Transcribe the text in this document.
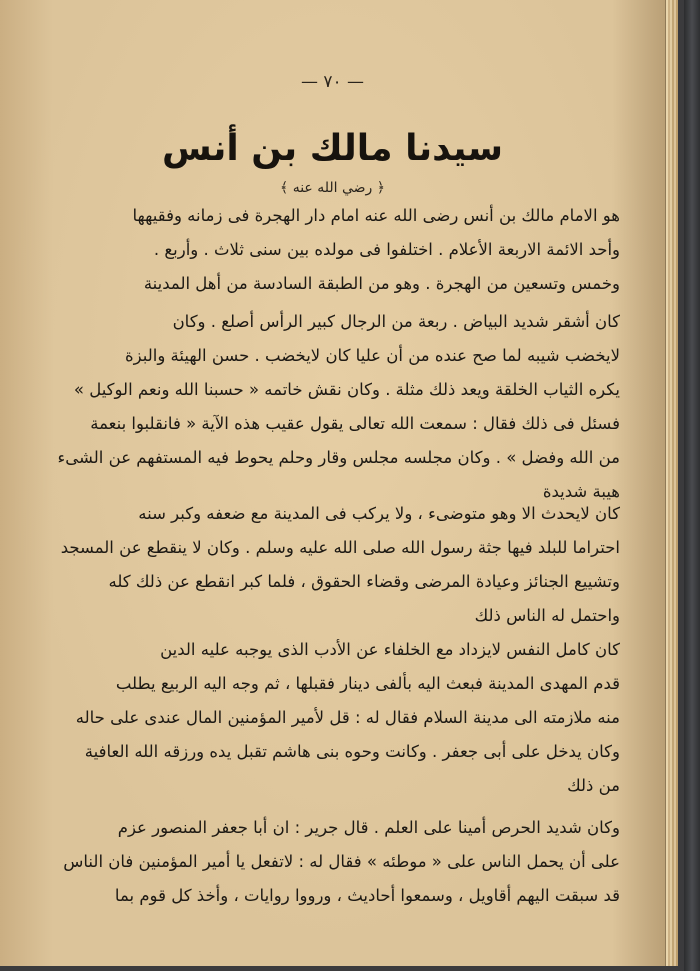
— ٧٠ —
سيدنا مالك بن أنس
﴿ رضي الله عنه ﴾
هو الامام مالك بن أنس رضى الله عنه امام دار الهجرة فى زمانه وفقيهها
وأحد الائمة الاربعة الأعلام . اختلفوا فى مولده بين سنى ثلاث . وأربع .
وخمس وتسعين من الهجرة . وهو من الطبقة السادسة من أهل المدينة
كان أشقر شديد البياض . ربعة من الرجال كبير الرأس أصلع . وكان
لايخضب شيبه لما صح عنده من أن عليا كان لايخضب . حسن الهيئة والبزة
يكره الثياب الخلقة ويعد ذلك مثلة . وكان نقش خاتمه « حسبنا الله ونعم الوكيل »
فسئل فى ذلك فقال : سمعت الله تعالى يقول عقيب هذه الآية « فانقلبوا بنعمة
من الله وفضل » . وكان مجلسه مجلس وقار وحلم يحوط فيه المستفهم عن الشىء
هيبة شديدة
كان لايحدث الا وهو متوضىء ، ولا يركب فى المدينة مع ضعفه وكبر سنه
احتراما للبلد فيها جثة رسول الله صلى الله عليه وسلم . وكان لا ينقطع عن المسجد
وتشييع الجنائز وعيادة المرضى وقضاء الحقوق ، فلما كبر انقطع عن ذلك كله
واحتمل له الناس ذلك
كان كامل النفس لايزداد مع الخلفاء عن الأدب الذى يوجبه عليه الدين
قدم المهدى المدينة فبعث اليه بألفى دينار فقبلها ، ثم وجه اليه الربيع يطلب
منه ملازمته الى مدينة السلام فقال له : قل لأمير المؤمنين المال عندى على حاله
وكان يدخل على أبى جعفر . وكانت وحوه بنى هاشم تقبل يده ورزقه الله العافية
من ذلك
وكان شديد الحرص أمينا على العلم . قال جرير : ان أبا جعفر المنصور عزم
على أن يحمل الناس على « موطئه » فقال له : لاتفعل يا أمير المؤمنين فان الناس
قد سبقت اليهم أقاويل ، وسمعوا أحاديث ، ورووا روايات ، وأخذ كل قوم بما
